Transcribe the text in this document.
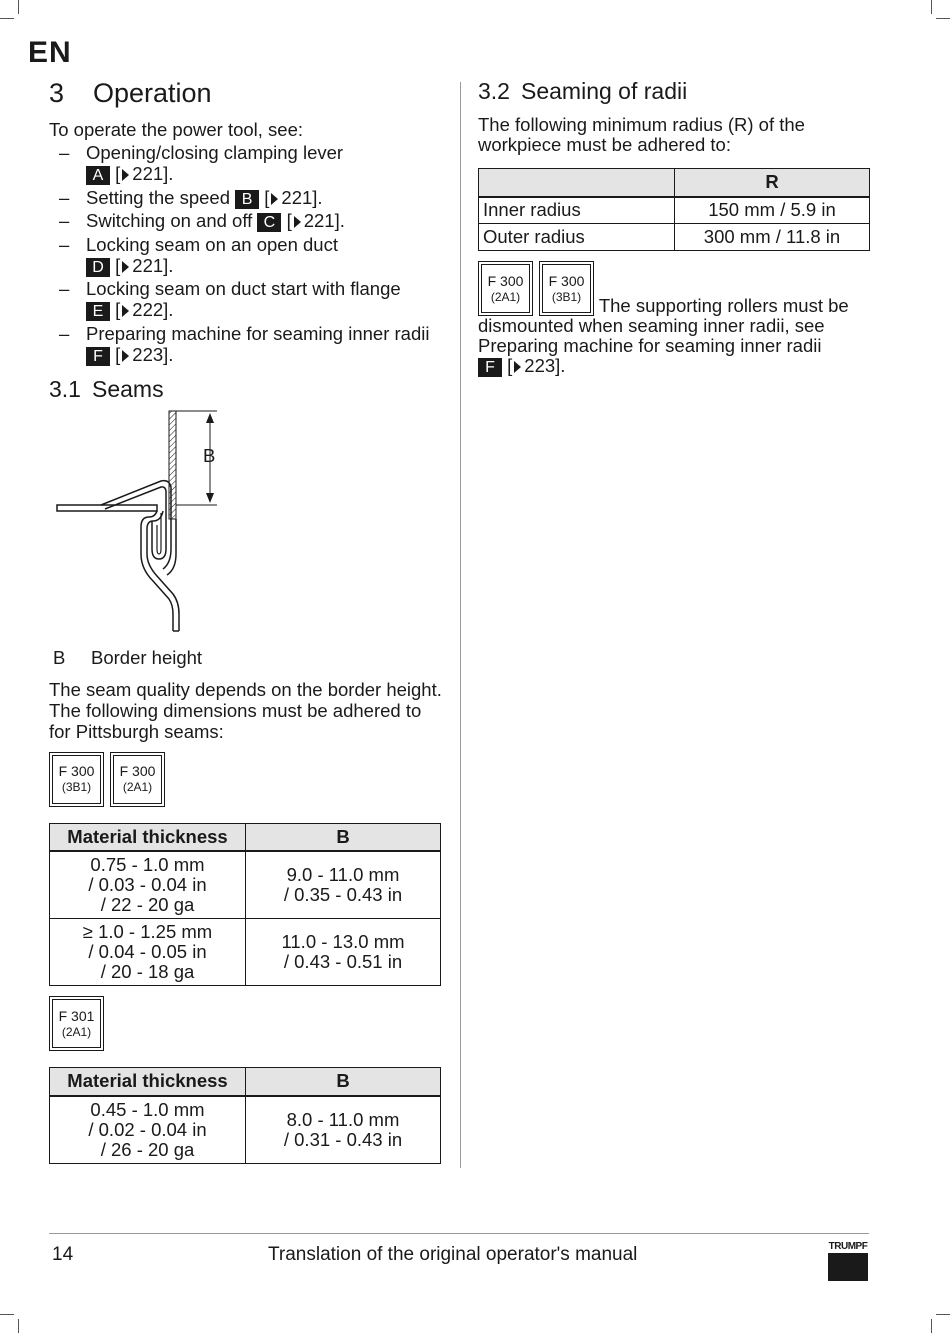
EN
3 Operation

To operate the power tool, see:

– Opening/closing clamping lever
A [ 221].
– Setting the speed B [ 221].
– Switching on and off C [ 221].
– Locking seam on an open duct
D [ 221].
– Locking seam on duct start with flange
E [ 222].
– Preparing machine for seaming inner radii F [ 223].
3.1 Seams
B
B	Border height

The seam quality depends on the border height. The following dimensions must be adhered to for Pittsburgh seams:

F 300
(3B1)
F 300
(2A1)
Material thickness	B
0.75 - 1.0 mm
/ 0.03 - 0.04 in
/ 22 - 20 ga	9.0 - 11.0 mm
/ 0.35 - 0.43 in
≥ 1.0 - 1.25 mm
/ 0.04 - 0.05 in
/ 20 - 18 ga	11.0 - 13.0 mm
/ 0.43 - 0.51 in
F 301
(2A1)
Material thickness	B
0.45 - 1.0 mm
/ 0.02 - 0.04 in
/ 26 - 20 ga	8.0 - 11.0 mm
/ 0.31 - 0.43 in
3.2 Seaming of radii

The following minimum radius (R) of the workpiece must be adhered to:

	R
Inner radius	150 mm / 5.9 in
Outer radius	300 mm / 11.8 in

F 300
(2A1)
F 300
(3B1) The supporting rollers must be dismounted when seaming inner radii, see Preparing machine for seaming inner radii
F [ 223].

14	Translation of the original operator's manual	TRUMPF
